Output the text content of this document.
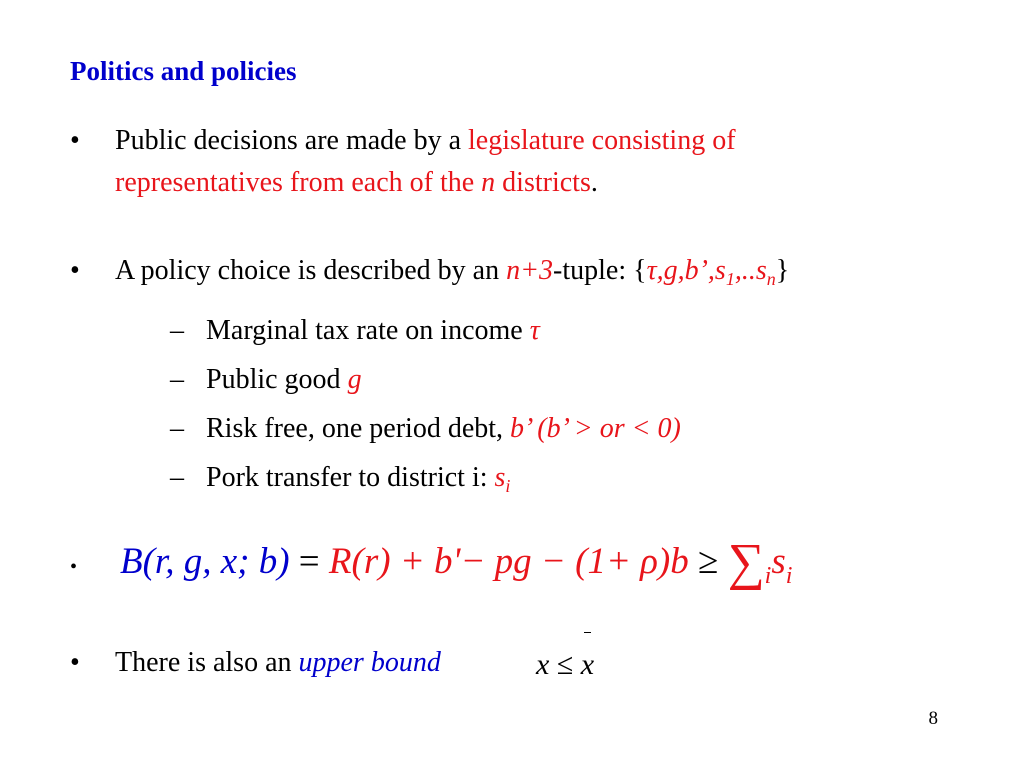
Politics and policies
• Public decisions are made by a legislature consisting of
representatives from each of the n districts.
• A policy choice is described by an n+3-tuple: $\{\tau,g,b’,s_1,..s_n\}$
– Marginal tax rate on income τ
– Public good g
– Risk free, one period debt, b’ (b’ > or < 0)
– Pork transfer to district i: $s_i$
• B(r, g, x; b) = R(r) + b'− pg − $(1+ \rho)b \ge \sum_is_i$
• There is also an upper bound	x ≤ x
8
